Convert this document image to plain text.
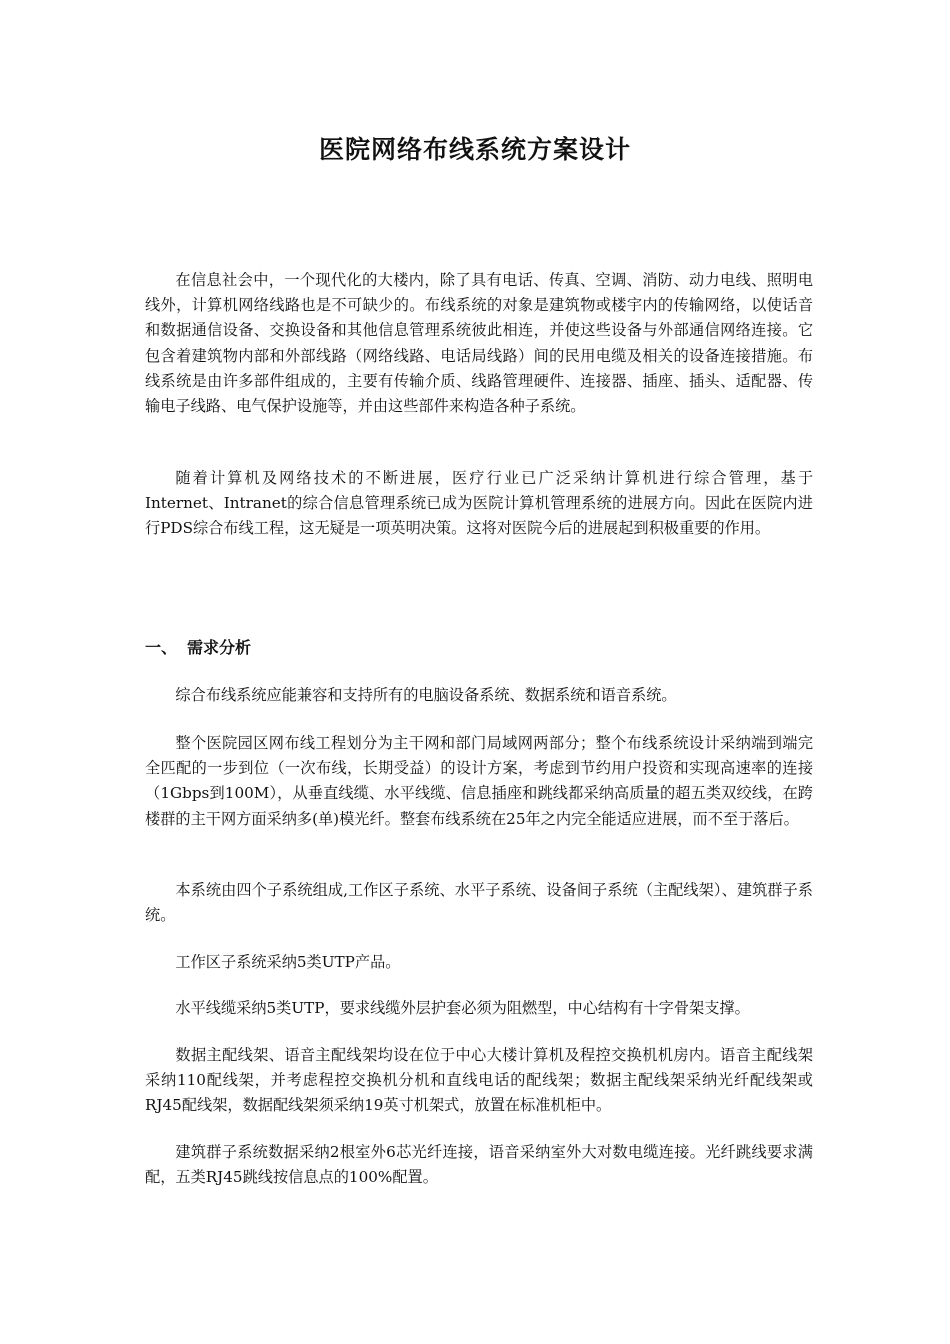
医院网络布线系统方案设计

在信息社会中，一个现代化的大楼内，除了具有电话、传真、空调、消防、动力电线、照明电线外，计算机网络线路也是不可缺少的。布线系统的对象是建筑物或楼宇内的传输网络，以使话音和数据通信设备、交换设备和其他信息管理系统彼此相连，并使这些设备与外部通信网络连接。它包含着建筑物内部和外部线路（网络线路、电话局线路）间的民用电缆及相关的设备连接措施。布线系统是由许多部件组成的，主要有传输介质、线路管理硬件、连接器、插座、插头、适配器、传输电子线路、电气保护设施等，并由这些部件来构造各种子系统。

随着计算机及网络技术的不断进展，医疗行业已广泛采纳计算机进行综合管理，基于Internet、Intranet的综合信息管理系统已成为医院计算机管理系统的进展方向。因此在医院内进行PDS综合布线工程，这无疑是一项英明决策。这将对医院今后的进展起到积极重要的作用。

一、 需求分析

综合布线系统应能兼容和支持所有的电脑设备系统、数据系统和语音系统。

整个医院园区网布线工程划分为主干网和部门局域网两部分；整个布线系统设计采纳端到端完全匹配的一步到位（一次布线，长期受益）的设计方案，考虑到节约用户投资和实现高速率的连接（1Gbps到100M），从垂直线缆、水平线缆、信息插座和跳线都采纳高质量的超五类双绞线，在跨楼群的主干网方面采纳多(单)模光纤。整套布线系统在25年之内完全能适应进展，而不至于落后。

本系统由四个子系统组成,工作区子系统、水平子系统、设备间子系统（主配线架）、建筑群子系统。

工作区子系统采纳5类UTP产品。

水平线缆采纳5类UTP，要求线缆外层护套必须为阻燃型，中心结构有十字骨架支撑。

数据主配线架、语音主配线架均设在位于中心大楼计算机及程控交换机机房内。语音主配线架采纳110配线架，并考虑程控交换机分机和直线电话的配线架；数据主配线架采纳光纤配线架或RJ45配线架，数据配线架须采纳19英寸机架式，放置在标准机柜中。

建筑群子系统数据采纳2根室外6芯光纤连接，语音采纳室外大对数电缆连接。光纤跳线要求满配，五类RJ45跳线按信息点的100%配置。
